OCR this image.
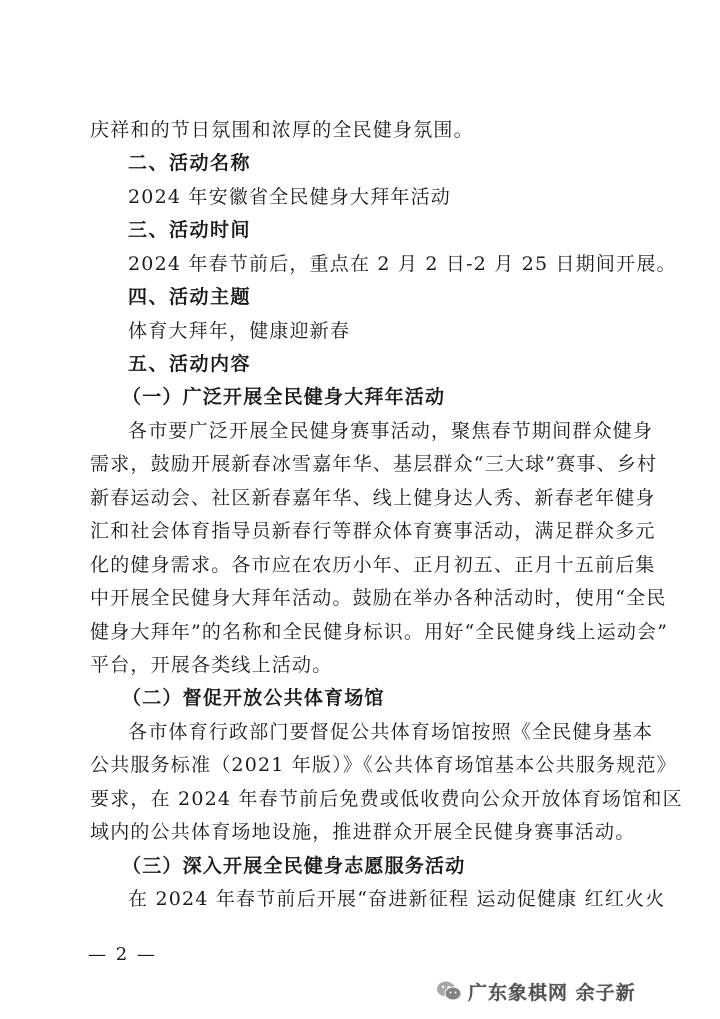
庆祥和的节日氛围和浓厚的全民健身氛围。
二、活动名称
2024 年安徽省全民健身大拜年活动
三、活动时间
2024 年春节前后，重点在 2 月 2 日-2 月 25 日期间开展。
四、活动主题
体育大拜年，健康迎新春
五、活动内容
（一）广泛开展全民健身大拜年活动
各市要广泛开展全民健身赛事活动，聚焦春节期间群众健身
需求，鼓励开展新春冰雪嘉年华、基层群众“三大球”赛事、乡村
新春运动会、社区新春嘉年华、线上健身达人秀、新春老年健身
汇和社会体育指导员新春行等群众体育赛事活动，满足群众多元
化的健身需求。各市应在农历小年、正月初五、正月十五前后集
中开展全民健身大拜年活动。鼓励在举办各种活动时，使用“全民
健身大拜年”的名称和全民健身标识。用好“全民健身线上运动会”
平台，开展各类线上活动。
（二）督促开放公共体育场馆
各市体育行政部门要督促公共体育场馆按照《全民健身基本
公共服务标准（2021 年版）》《公共体育场馆基本公共服务规范》
要求，在 2024 年春节前后免费或低收费向公众开放体育场馆和区
域内的公共体育场地设施，推进群众开展全民健身赛事活动。
（三）深入开展全民健身志愿服务活动
在 2024 年春节前后开展“奋进新征程 运动促健康 红红火火
— 2 —
广东象棋网 余子新
